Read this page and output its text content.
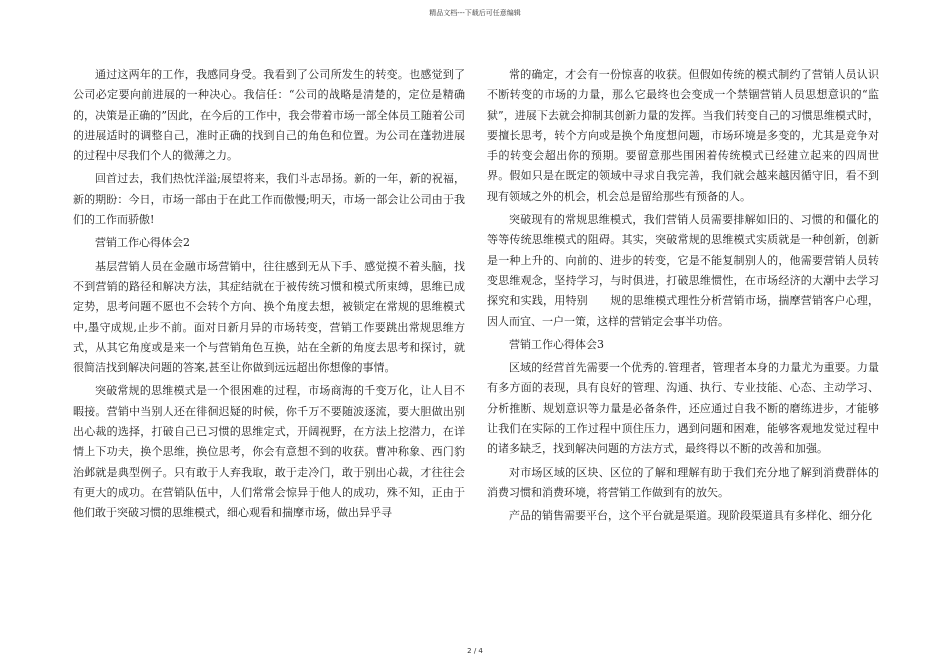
精品文档---下载后可任意编辑

通过这两年的工作，我感同身受。我看到了公司所发生的转变。也感觉到了公司必定要向前进展的一种决心。我信任：“公司的战略是清楚的，定位是精确的，决策是正确的”因此，在今后的工作中，我会带着市场一部全体员工随着公司的进展适时的调整自己，准时正确的找到自己的角色和位置。为公司在蓬勃进展的过程中尽我们个人的微薄之力。

回首过去，我们热忱洋溢;展望将来，我们斗志昂扬。新的一年，新的祝福，新的期盼：今日，市场一部由于在此工作而傲慢;明天，市场一部会让公司由于我们的工作而骄傲!

营销工作心得体会2

基层营销人员在金融市场营销中，往往感到无从下手、感觉摸不着头脑，找不到营销的路径和解决方法，其症结就在于被传统习惯和模式所束缚，思维已成定势，思考问题不愿也不会转个方向、换个角度去想，被锁定在常规的思维模式中,墨守成规,止步不前。面对日新月异的市场转变，营销工作要跳出常规思维方式，从其它角度或是来一个与营销角色互换，站在全新的角度去思考和探讨，就很简洁找到解决问题的答案,甚至让你做到远远超出你想像的事情。

突破常规的思维模式是一个很困难的过程，市场商海的千变万化，让人目不暇接。营销中当别人还在徘徊迟疑的时候，你千万不要随波逐流，要大胆做出别出心裁的选择，打破自己已习惯的思维定式，开阔视野，在方法上挖潜力，在详情上下功夫，换个思维，换位思考，你会有意想不到的收获。曹冲称象、西门豹治邺就是典型例子。只有敢于人弃我取，敢于走冷门，敢于别出心裁，才往往会有更大的成功。在营销队伍中，人们常常会惊异于他人的成功，殊不知，正由于他们敢于突破习惯的思维模式，细心观看和揣摩市场，做出异乎寻

常的确定，才会有一份惊喜的收获。但假如传统的模式制约了营销人员认识不断转变的市场的力量，那么它最终也会变成一个禁锢营销人员思想意识的“监狱”，进展下去就会抑制其创新力量的发挥。当我们转变自己的习惯思维模式时，要擅长思考，转个方向或是换个角度想问题，市场环境是多变的，尤其是竞争对手的转变会超出你的预期。要留意那些围困着传统模式已经建立起来的四周世界。假如只是在既定的领域中寻求自我完善，我们就会越来越因循守旧，看不到现有领域之外的机会，机会总是留给那些有预备的人。

突破现有的常规思维模式，我们营销人员需要排解如旧的、习惯的和僵化的等等传统思维模式的阻碍。其实，突破常规的思维模式实质就是一种创新，创新是一种上升的、向前的、进步的转变，它是不能复制别人的，他需要营销人员转变思维观念，坚持学习，与时俱进，打破思维惯性，在市场经济的大潮中去学习探究和实践，用特别　　规的思维模式理性分析营销市场，揣摩营销客户心理，因人而宜、一户一策，这样的营销定会事半功倍。

营销工作心得体会3

区域的经营首先需要一个优秀的.管理者，管理者本身的力量尤为重要。力量有多方面的表现，具有良好的管理、沟通、执行、专业技能、心态、主动学习、分析推断、规划意识等力量是必备条件，还应通过自我不断的磨练进步，才能够让我们在实际的工作过程中顶住压力，遇到问题和困难，能够客观地发觉过程中的诸多缺乏，找到解决问题的方法方式，最终得以不断的改善和加强。

对市场区域的区块、区位的了解和理解有助于我们充分地了解到消费群体的消费习惯和消费环境，将营销工作做到有的放矢。

产品的销售需要平台，这个平台就是渠道。现阶段渠道具有多样化、细分化

2 / 4
